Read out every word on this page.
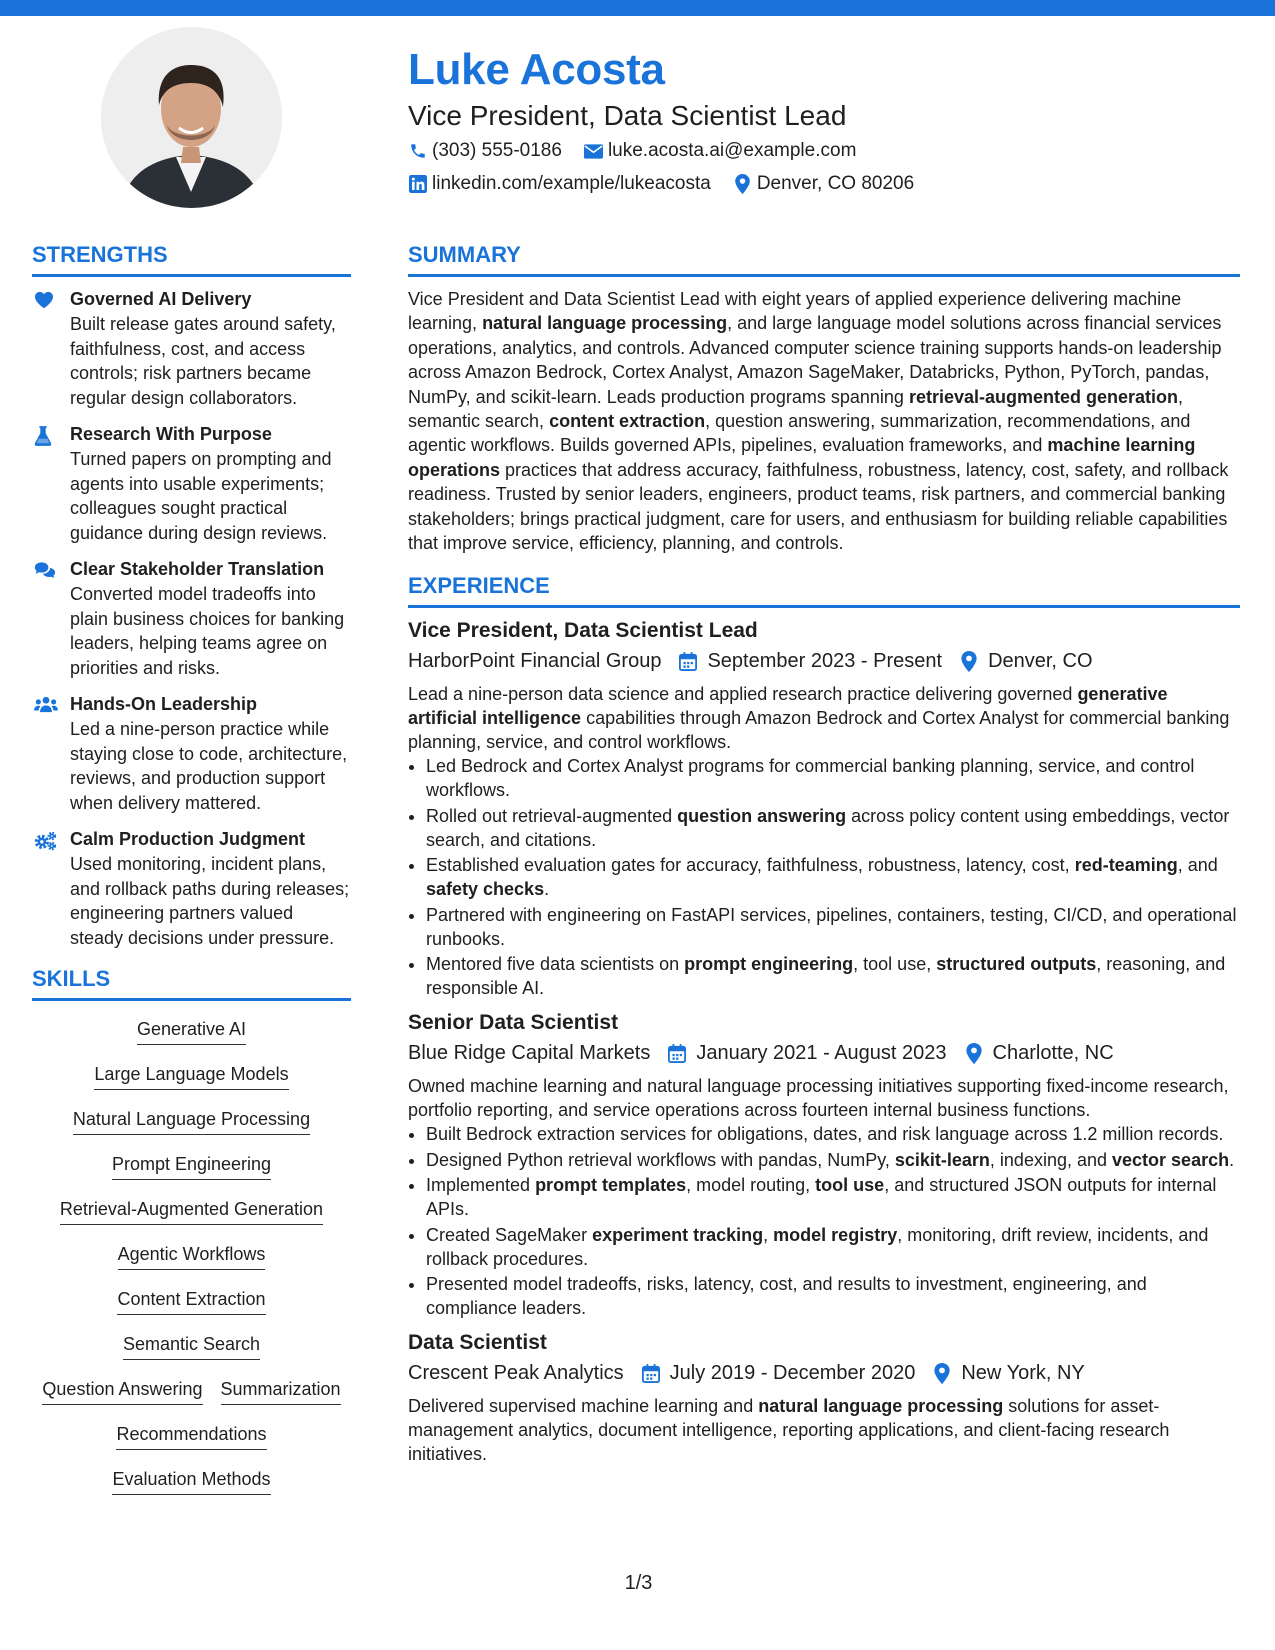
Luke Acosta
Vice President, Data Scientist Lead
(303) 555-0186 luke.acosta.ai@example.com
linkedin.com/example/lukeacosta Denver, CO 80206
STRENGTHS
Governed AI Delivery
Built release gates around safety, faithfulness, cost, and access controls; risk partners became regular design collaborators.
Research With Purpose
Turned papers on prompting and agents into usable experiments; colleagues sought practical guidance during design reviews.
Clear Stakeholder Translation
Converted model tradeoffs into plain business choices for banking leaders, helping teams agree on priorities and risks.
Hands-On Leadership
Led a nine-person practice while staying close to code, architecture, reviews, and production support when delivery mattered.
Calm Production Judgment
Used monitoring, incident plans, and rollback paths during releases; engineering partners valued steady decisions under pressure.
SKILLS
Generative AI
Large Language Models
Natural Language Processing
Prompt Engineering
Retrieval-Augmented Generation
Agentic Workflows
Content Extraction
Semantic Search
Question Answering Summarization
Recommendations
Evaluation Methods
SUMMARY
Vice President and Data Scientist Lead with eight years of applied experience delivering machine learning, natural language processing, and large language model solutions across financial services operations, analytics, and controls. Advanced computer science training supports hands-on leadership across Amazon Bedrock, Cortex Analyst, Amazon SageMaker, Databricks, Python, PyTorch, pandas, NumPy, and scikit-learn. Leads production programs spanning retrieval-augmented generation, semantic search, content extraction, question answering, summarization, recommendations, and agentic workflows. Builds governed APIs, pipelines, evaluation frameworks, and machine learning operations practices that address accuracy, faithfulness, robustness, latency, cost, safety, and rollback readiness. Trusted by senior leaders, engineers, product teams, risk partners, and commercial banking stakeholders; brings practical judgment, care for users, and enthusiasm for building reliable capabilities that improve service, efficiency, planning, and controls.
EXPERIENCE
Vice President, Data Scientist Lead
HarborPoint Financial Group September 2023 - Present Denver, CO
Lead a nine-person data science and applied research practice delivering governed generative artificial intelligence capabilities through Amazon Bedrock and Cortex Analyst for commercial banking planning, service, and control workflows.
• Led Bedrock and Cortex Analyst programs for commercial banking planning, service, and control workflows.
• Rolled out retrieval-augmented question answering across policy content using embeddings, vector search, and citations.
• Established evaluation gates for accuracy, faithfulness, robustness, latency, cost, red-teaming, and safety checks.
• Partnered with engineering on FastAPI services, pipelines, containers, testing, CI/CD, and operational runbooks.
• Mentored five data scientists on prompt engineering, tool use, structured outputs, reasoning, and responsible AI.
Senior Data Scientist
Blue Ridge Capital Markets January 2021 - August 2023 Charlotte, NC
Owned machine learning and natural language processing initiatives supporting fixed-income research, portfolio reporting, and service operations across fourteen internal business functions.
• Built Bedrock extraction services for obligations, dates, and risk language across 1.2 million records.
• Designed Python retrieval workflows with pandas, NumPy, scikit-learn, indexing, and vector search.
• Implemented prompt templates, model routing, tool use, and structured JSON outputs for internal APIs.
• Created SageMaker experiment tracking, model registry, monitoring, drift review, incidents, and rollback procedures.
• Presented model tradeoffs, risks, latency, cost, and results to investment, engineering, and compliance leaders.
Data Scientist
Crescent Peak Analytics July 2019 - December 2020 New York, NY
Delivered supervised machine learning and natural language processing solutions for asset-management analytics, document intelligence, reporting applications, and client-facing research initiatives.
1/3
